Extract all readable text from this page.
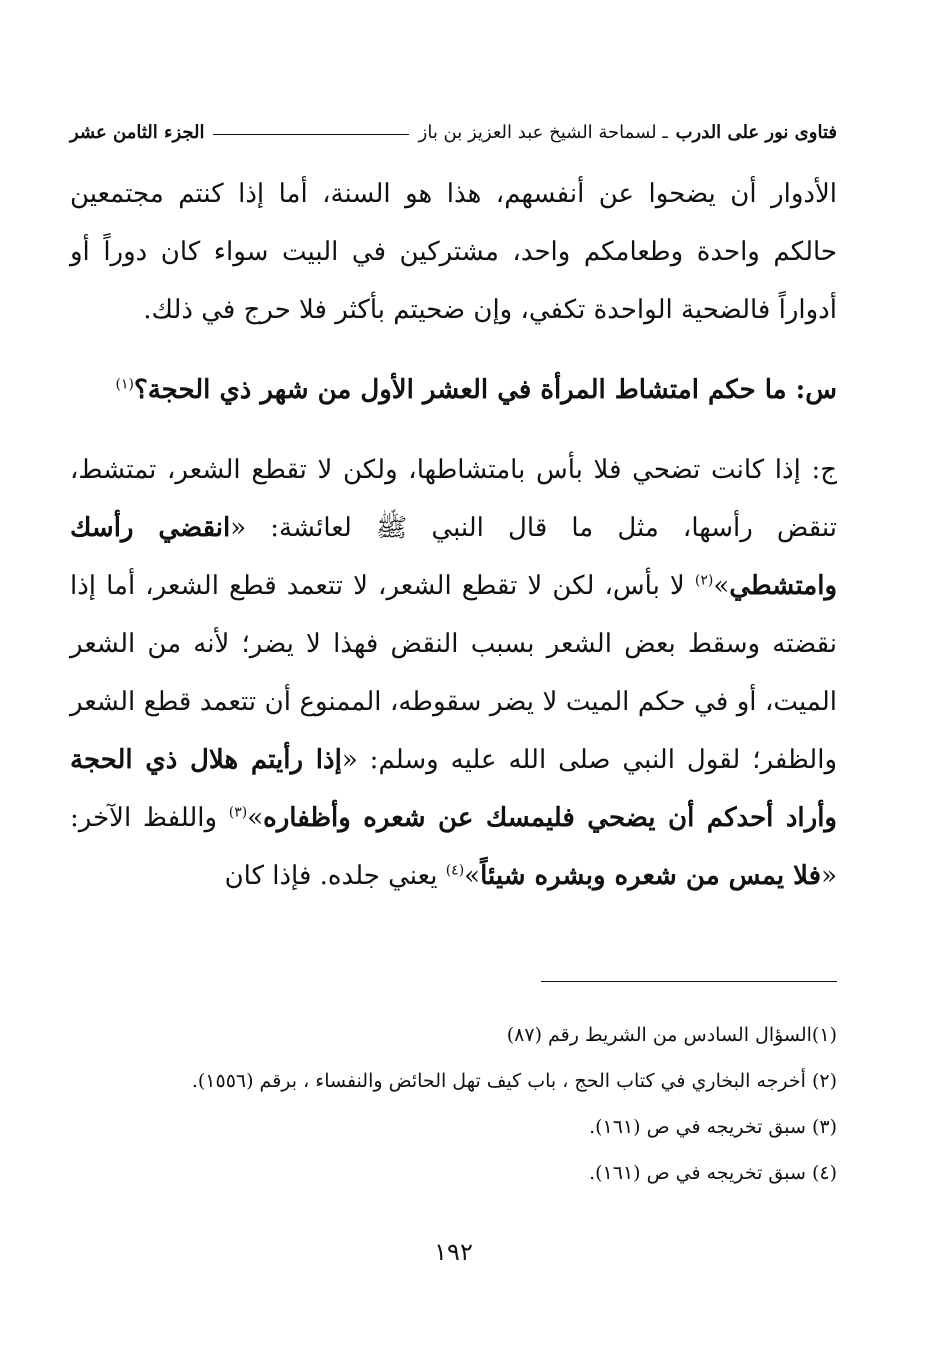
فتاوى نور على الدرب
ـ لسماحة الشيخ عبد العزيز بن باز
الجزء الثامن عشر

الأدوار أن يضحوا عن أنفسهم، هذا هو السنة، أما إذا كنتم مجتمعين حالكم واحدة وطعامكم واحد، مشتركين في البيت سواء كان دوراً أو أدواراً فالضحية الواحدة تكفي، وإن ضحيتم بأكثر فلا حرج في ذلك.

س: ما حكم امتشاط المرأة في العشر الأول من شهر ذي الحجة؟$^{(١)}$

ج: إذا كانت تضحي فلا بأس بامتشاطها، ولكن لا تقطع الشعر، تمتشط، تنقض رأسها، مثل ما قال النبي ﷺ لعائشة: «انقضي رأسك وامتشطي»$^{(٢)}$ لا بأس، لكن لا تقطع الشعر، لا تتعمد قطع الشعر، أما إذا نقضته وسقط بعض الشعر بسبب النقض فهذا لا يضر؛ لأنه من الشعر الميت، أو في حكم الميت لا يضر سقوطه، الممنوع أن تتعمد قطع الشعر والظفر؛ لقول النبي صلى الله عليه وسلم: «إذا رأيتم هلال ذي الحجة وأراد أحدكم أن يضحي فليمسك عن شعره وأظفاره»$^{(٣)}$ واللفظ الآخر: «فلا يمس من شعره وبشره شيئاً»$^{(٤)}$ يعني جلده. فإذا كان

(١)السؤال السادس من الشريط رقم (٨٧)
(٢) أخرجه البخاري في كتاب الحج ، باب كيف تهل الحائض والنفساء ، برقم (١٥٥٦).
(٣) سبق تخريجه في ص (١٦١).
(٤) سبق تخريجه في ص (١٦١).
١٩٢
